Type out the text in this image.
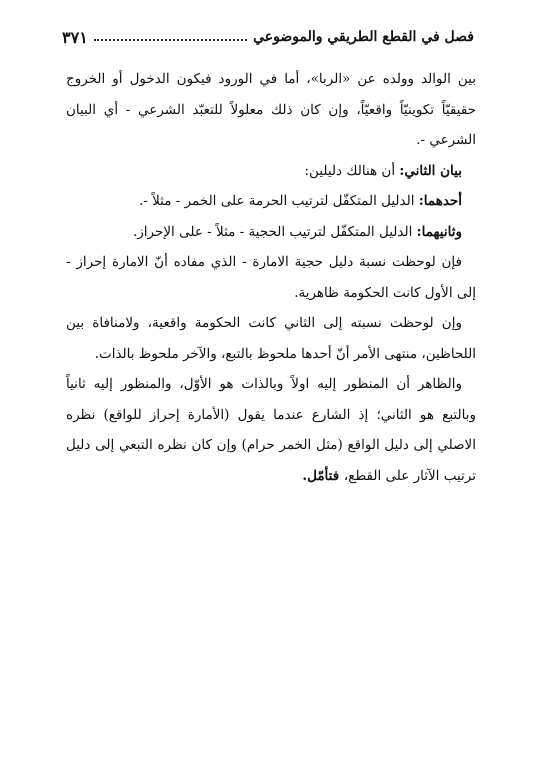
فصل في القطع الطريقي والموضوعي
٣٧١

بين الوالد وولده عن «الربا»، أما في الورود فيكون الدخول أو الخروج حقيقيّاً تكوينيّاً واقعيّاً، وإن كان ذلك معلولاً للتعبّد الشرعي - أي البيان الشرعي -.

بيان الثاني: أن هنالك دليلين:

أحدهما: الدليل المتكفّل لترتيب الحرمة على الخمر - مثلاً -.

وثانيهما: الدليل المتكفّل لترتيب الحجية - مثلاً - على الإحراز.

فإن لوحظت نسبة دليل حجية الامارة - الذي مفاده أنّ الامارة إحراز - إلى الأول كانت الحكومة ظاهرية.

وإن لوحظت نسبته إلى الثاني كانت الحكومة واقعية، ولامنافاة بين اللحاظين، منتهى الأمر أنّ أحدها ملحوظ بالتبع، والآخر ملحوظ بالذات.

والظاهر أن المنظور إليه اولاً وبالذات هو الأوّل، والمنظور إليه ثانياً وبالتبع هو الثاني؛ إذ الشارع عندما يقول (الأمارة إحراز للواقع) نظره الاصلي إلى دليل الواقع (مثل الخمر حرام) وإن كان نظره التبعي إلى دليل ترتيب الآثار على القطع، فتأمّل.
